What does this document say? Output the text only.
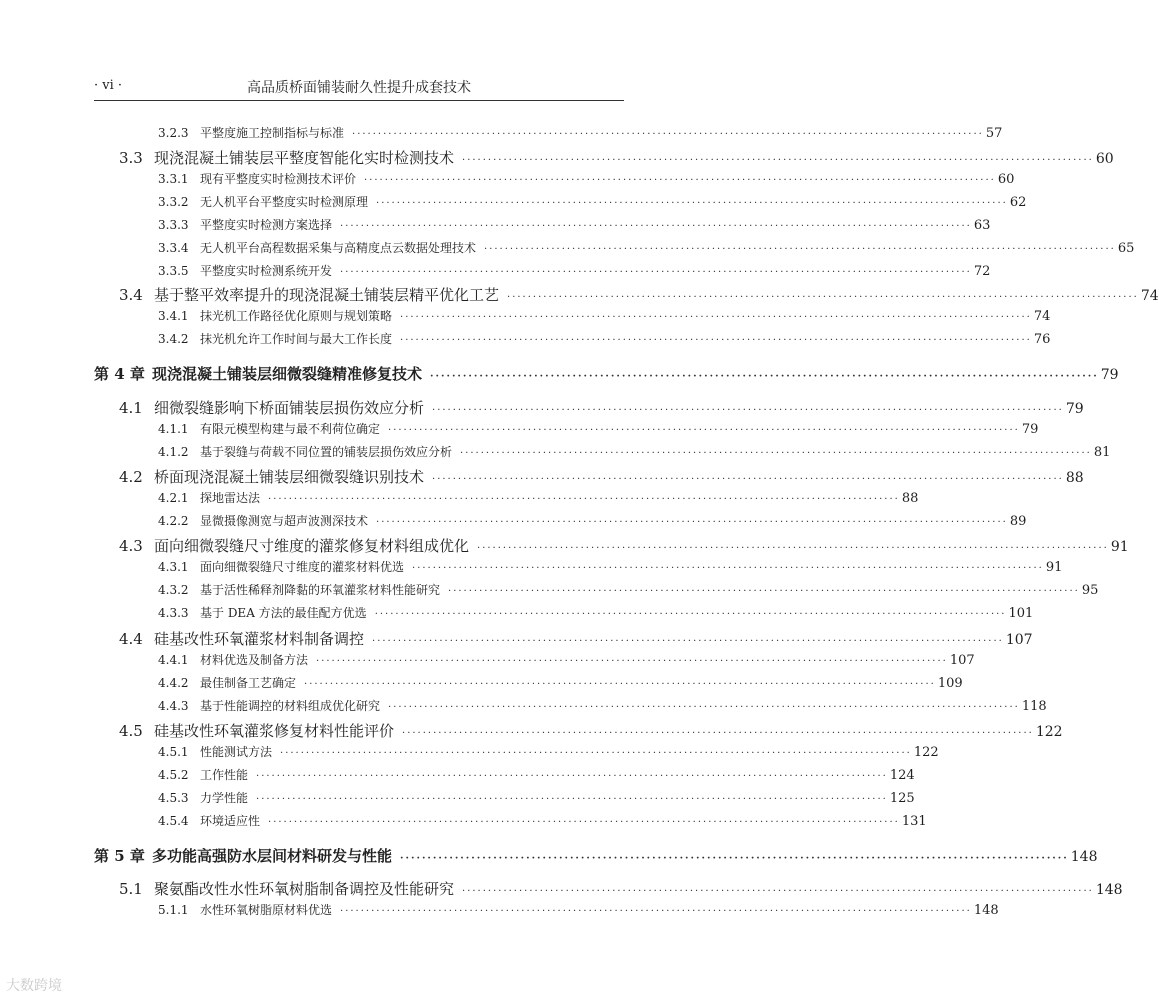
· vi ·	高品质桥面铺装耐久性提升成套技术
3.2.3 平整度施工控制指标与标准 ·························································································································· 57
3.3 现浇混凝土铺装层平整度智能化实时检测技术 ·························································································································· 60
3.3.1 现有平整度实时检测技术评价 ·························································································································· 60
3.3.2 无人机平台平整度实时检测原理 ·························································································································· 62
3.3.3 平整度实时检测方案选择 ·························································································································· 63
3.3.4 无人机平台高程数据采集与高精度点云数据处理技术 ·························································································································· 65
3.3.5 平整度实时检测系统开发 ·························································································································· 72
3.4 基于整平效率提升的现浇混凝土铺装层精平优化工艺 ·························································································································· 74
3.4.1 抹光机工作路径优化原则与规划策略 ·························································································································· 74
3.4.2 抹光机允许工作时间与最大工作长度 ·························································································································· 76
第 4 章 现浇混凝土铺装层细微裂缝精准修复技术 ·························································································································· 79
4.1 细微裂缝影响下桥面铺装层损伤效应分析 ·························································································································· 79
4.1.1 有限元模型构建与最不利荷位确定 ·························································································································· 79
4.1.2 基于裂缝与荷载不同位置的铺装层损伤效应分析 ·························································································································· 81
4.2 桥面现浇混凝土铺装层细微裂缝识别技术 ·························································································································· 88
4.2.1 探地雷达法 ·························································································································· 88
4.2.2 显微摄像测宽与超声波测深技术 ·························································································································· 89
4.3 面向细微裂缝尺寸维度的灌浆修复材料组成优化 ·························································································································· 91
4.3.1 面向细微裂缝尺寸维度的灌浆材料优选 ·························································································································· 91
4.3.2 基于活性稀释剂降黏的环氧灌浆材料性能研究 ·························································································································· 95
4.3.3 基于 DEA 方法的最佳配方优选 ·························································································································· 101
4.4 硅基改性环氧灌浆材料制备调控 ·························································································································· 107
4.4.1 材料优选及制备方法 ·························································································································· 107
4.4.2 最佳制备工艺确定 ·························································································································· 109
4.4.3 基于性能调控的材料组成优化研究 ·························································································································· 118
4.5 硅基改性环氧灌浆修复材料性能评价 ·························································································································· 122
4.5.1 性能测试方法 ·························································································································· 122
4.5.2 工作性能 ·························································································································· 124
4.5.3 力学性能 ·························································································································· 125
4.5.4 环境适应性 ·························································································································· 131
第 5 章 多功能高强防水层间材料研发与性能 ·························································································································· 148
5.1 聚氨酯改性水性环氧树脂制备调控及性能研究 ·························································································································· 148
5.1.1 水性环氧树脂原材料优选 ·························································································································· 148
大数跨境
